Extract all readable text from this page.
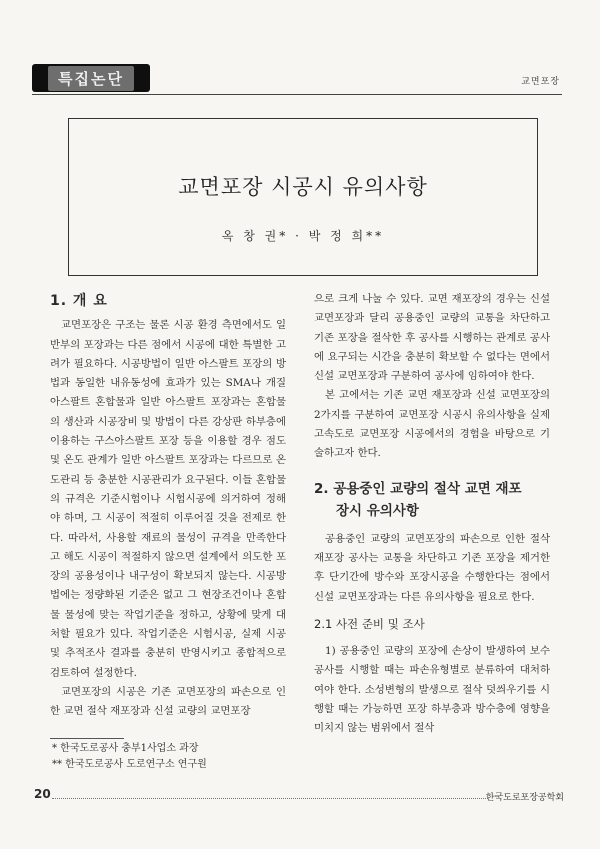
특집논단	교면포장
교면포장 시공시 유의사항
옥 창 권* · 박 정 희**
1. 개 요

교면포장은 구조는 물론 시공 환경 측면에서도 일반부의 포장과는 다른 점에서 시공에 대한 특별한 고려가 필요하다. 시공방법이 일반 아스팔트 포장의 방법과 동일한 내유동성에 효과가 있는 SMA나 개질 아스팔트 혼합물과 일반 아스팔트 포장과는 혼합물의 생산과 시공장비 및 방법이 다른 강상판 하부층에 이용하는 구스아스팔트 포장 등을 이용할 경우 점도 및 온도 관계가 일반 아스팔트 포장과는 다르므로 온도관리 등 충분한 시공관리가 요구된다. 이들 혼합물의 규격은 기준시험이나 시험시공에 의거하여 정해야 하며, 그 시공이 적절히 이루어질 것을 전제로 한다. 따라서, 사용할 재료의 물성이 규격을 만족한다고 해도 시공이 적절하지 않으면 설계에서 의도한 포장의 공용성이나 내구성이 확보되지 않는다. 시공방법에는 정량화된 기준은 없고 그 현장조건이나 혼합물 물성에 맞는 작업기준을 정하고, 상황에 맞게 대처할 필요가 있다. 작업기준은 시험시공, 실제 시공 및 추적조사 결과를 충분히 반영시키고 종합적으로 검토하여 설정한다.

교면포장의 시공은 기존 교면포장의 파손으로 인한 교면 절삭 재포장과 신설 교량의 교면포장

으로 크게 나눌 수 있다. 교면 재포장의 경우는 신설 교면포장과 달리 공용중인 교량의 교통을 차단하고 기존 포장을 절삭한 후 공사를 시행하는 관계로 공사에 요구되는 시간을 충분히 확보할 수 없다는 면에서 신설 교면포장과 구분하여 공사에 임하여야 한다.

본 고에서는 기존 교면 재포장과 신설 교면포장의 2가지를 구분하여 교면포장 시공시 유의사항을 실제 고속도로 교면포장 시공에서의 경험을 바탕으로 기술하고자 한다.

2. 공용중인 교량의 절삭 교면 재포
장시 유의사항

공용중인 교량의 교면포장의 파손으로 인한 절삭 재포장 공사는 교통을 차단하고 기존 포장을 제거한 후 단기간에 방수와 포장시공을 수행한다는 점에서 신설 교면포장과는 다른 유의사항을 필요로 한다.

2.1 사전 준비 및 조사

1) 공용중인 교량의 포장에 손상이 발생하여 보수 공사를 시행할 때는 파손유형별로 분류하여 대처하여야 한다. 소성변형의 발생으로 절삭 덧씌우기를 시행할 때는 가능하면 포장 하부층과 방수층에 영향을 미치지 않는 범위에서 절삭

* 한국도로공사 충부1사업소 과장
** 한국도로공사 도로연구소 연구원
20	한국도로포장공학회
